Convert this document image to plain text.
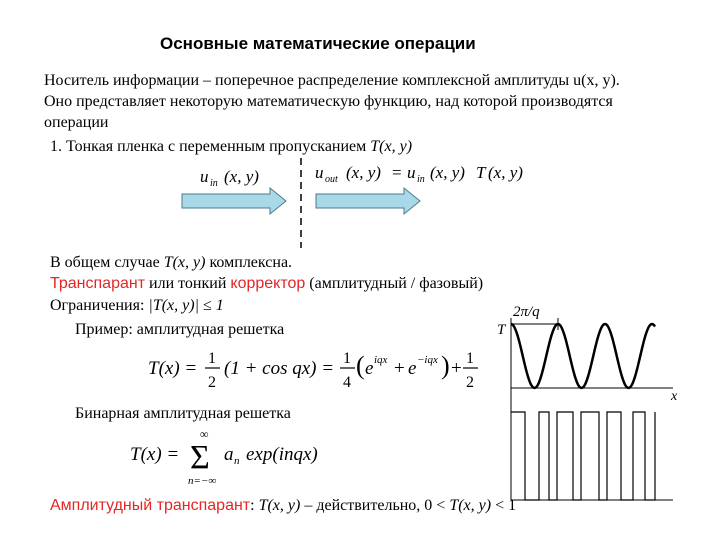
Основные математические операции
Носитель информации – поперечное распределение комплексной амплитуды u(x, y).
Оно представляет некоторую математическую функцию, над которой производятся
операции
1. Тонкая пленка с переменным пропусканием T(x, y)
u in (x, y)	u out (x, y) = u in (x, y) T (x, y)
В общем случае T(x, y) комплексна.
Транспарант или тонкий корректор (амплитудный / фазовый)
Ограничения: |T(x, y)| ≤ 1
Пример: амплитудная решетка
T(x) = 1
2
(1 + cos qx) = 1
4
( e iqx + e −iqx ) + 1
2
Бинарная амплитудная решетка
T(x) =
∞
Σ
n=−∞
a n exp(inqx)
2π/q
T
x
Амплитудный транспарант: T(x, y) – действительно, 0 < T(x, y) < 1
